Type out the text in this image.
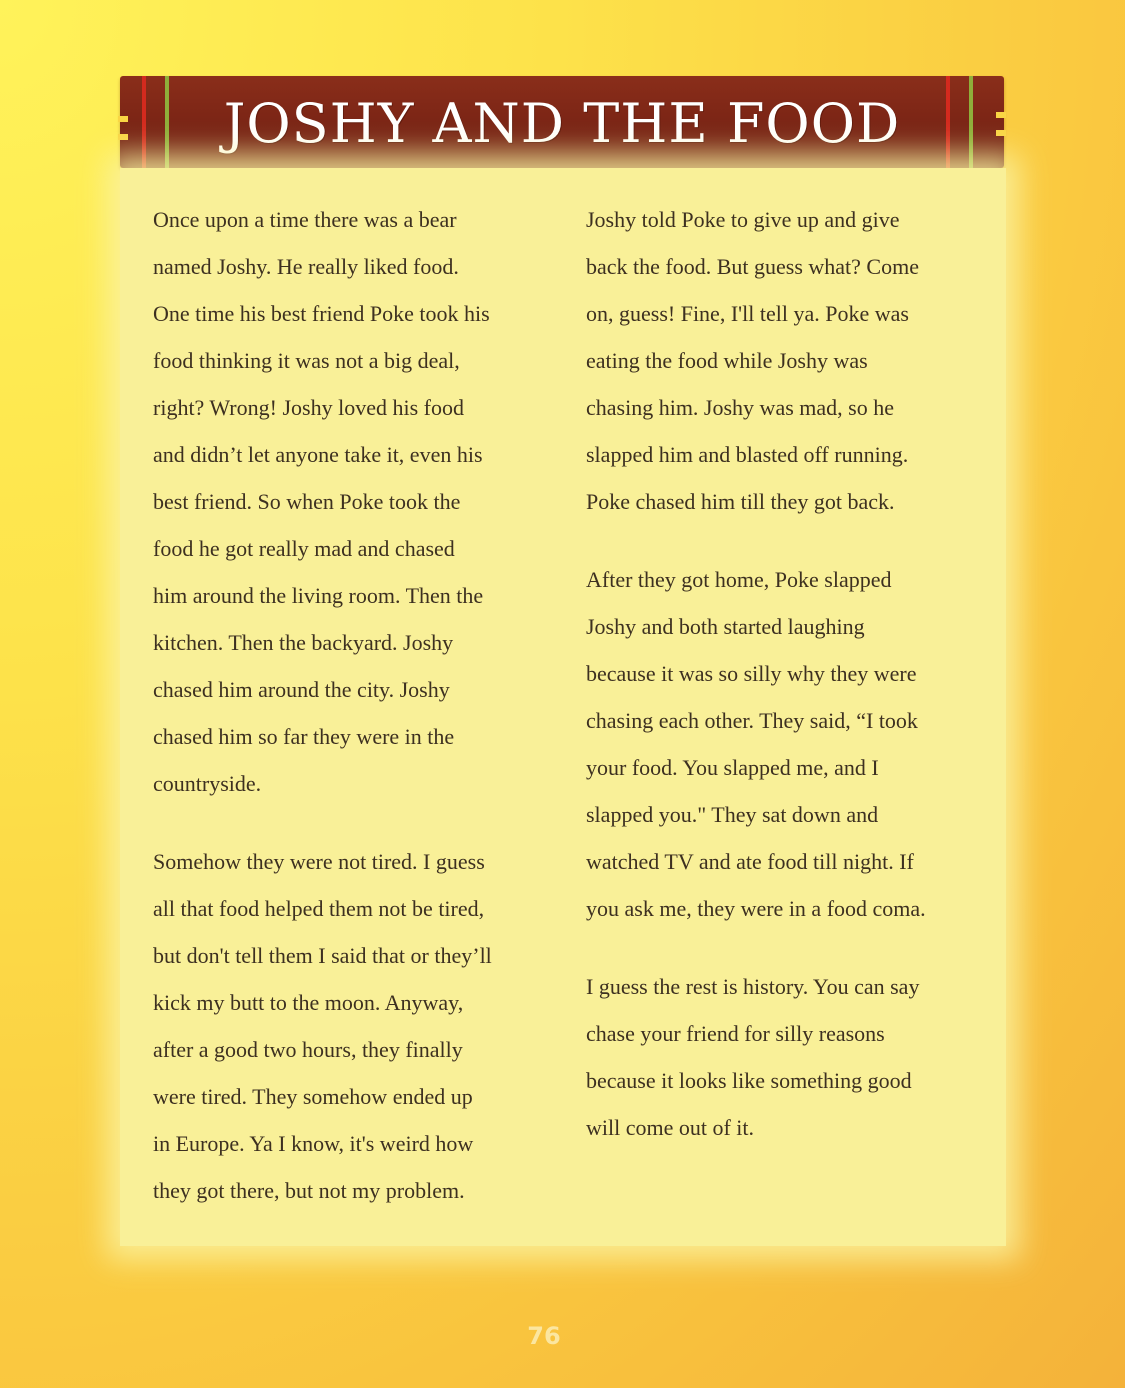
JOSHY AND THE FOOD

Once upon a time there was a bear
named Joshy. He really liked food.
One time his best friend Poke took his
food thinking it was not a big deal,
right? Wrong! Joshy loved his food
and didn’t let anyone take it, even his
best friend. So when Poke took the
food he got really mad and chased
him around the living room. Then the
kitchen. Then the backyard. Joshy
chased him around the city. Joshy
chased him so far they were in the
countryside.

Somehow they were not tired. I guess
all that food helped them not be tired,
but don't tell them I said that or they’ll
kick my butt to the moon. Anyway,
after a good two hours, they finally
were tired. They somehow ended up
in Europe. Ya I know, it's weird how
they got there, but not my problem.

Joshy told Poke to give up and give
back the food. But guess what? Come
on, guess! Fine, I'll tell ya. Poke was
eating the food while Joshy was
chasing him. Joshy was mad, so he
slapped him and blasted off running.
Poke chased him till they got back.

After they got home, Poke slapped
Joshy and both started laughing
because it was so silly why they were
chasing each other. They said, “I took
your food. You slapped me, and I
slapped you." They sat down and
watched TV and ate food till night. If
you ask me, they were in a food coma.

I guess the rest is history. You can say
chase your friend for silly reasons
because it looks like something good
will come out of it.

76
